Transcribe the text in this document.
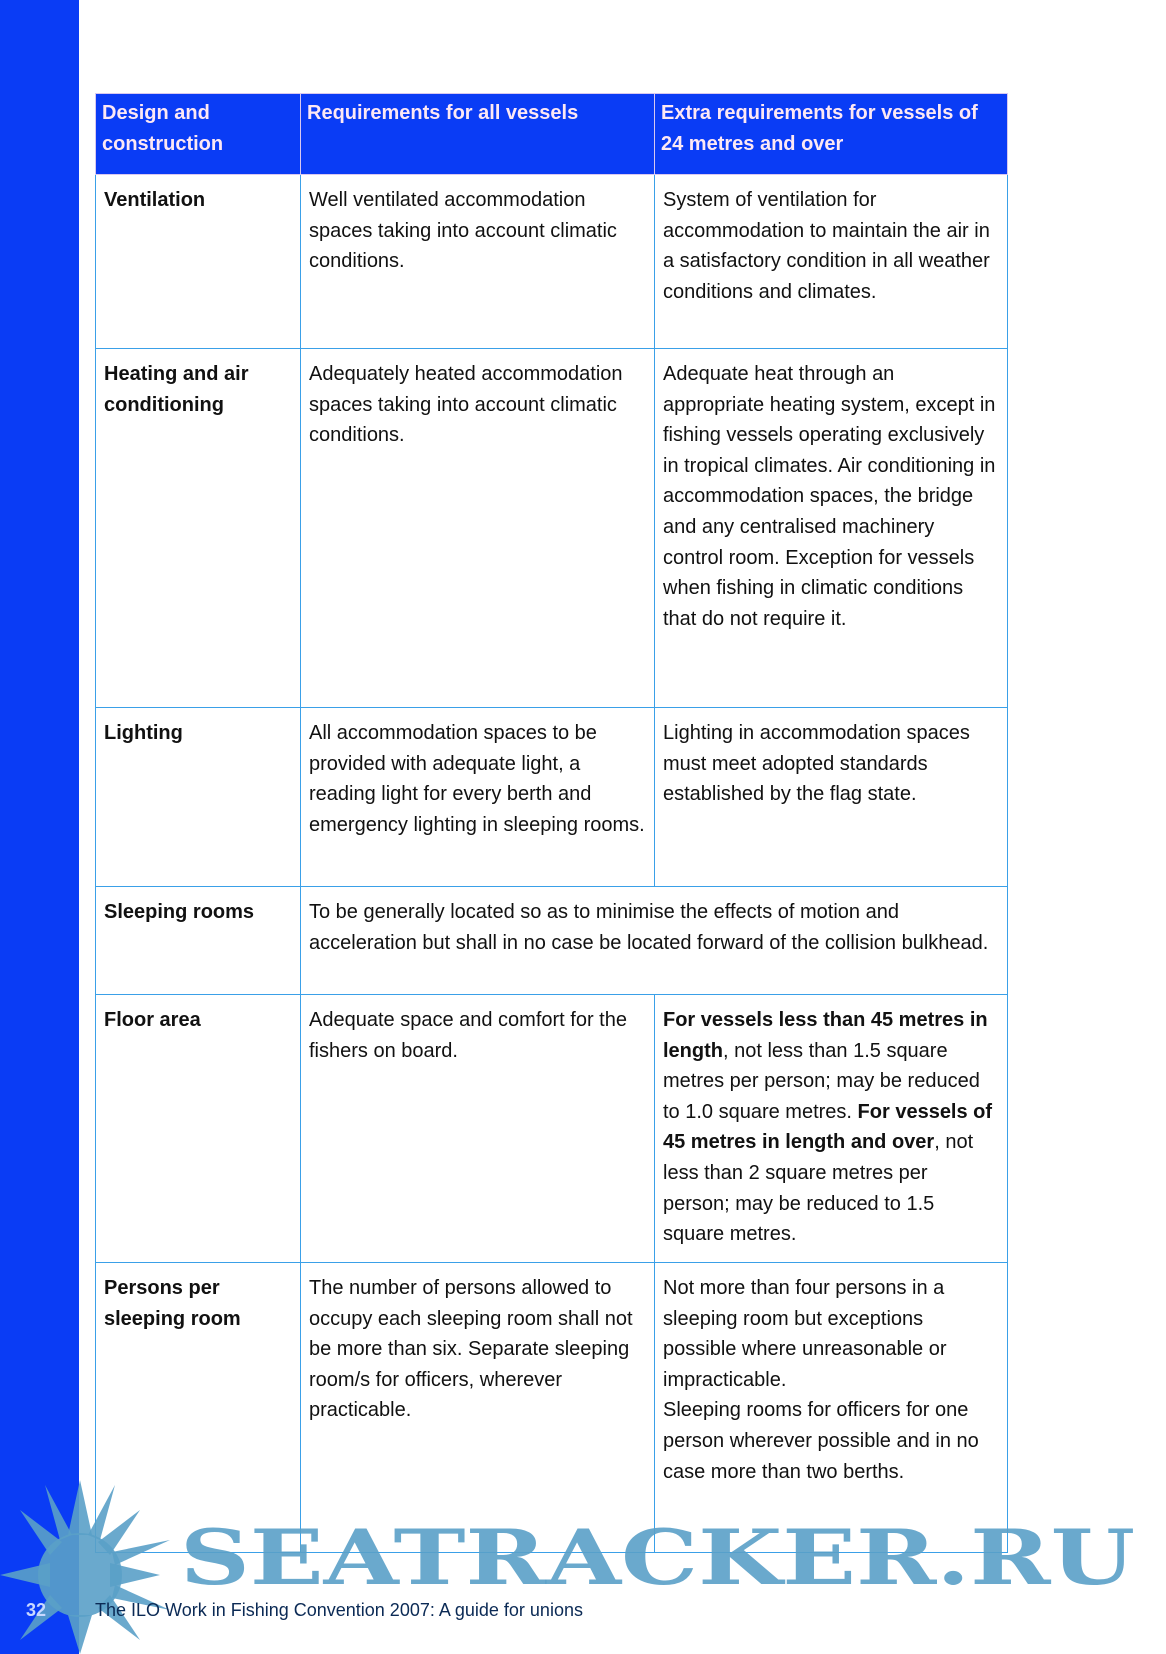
Design and construction	Requirements for all vessels	Extra requirements for vessels of 24 metres and over
Ventilation	Well ventilated accommodation spaces taking into account climatic conditions.	System of ventilation for accommodation to maintain the air in a satisfactory condition in all weather conditions and climates.
Heating and air conditioning	Adequately heated accommodation spaces taking into account climatic conditions.	Adequate heat through an appropriate heating system, except in fishing vessels operating exclusively in tropical climates. Air conditioning in accommodation spaces, the bridge and any centralised machinery control room. Exception for vessels when fishing in climatic conditions that do not require it.
Lighting	All accommodation spaces to be provided with adequate light, a reading light for every berth and emergency lighting in sleeping rooms.	Lighting in accommodation spaces must meet adopted standards established by the flag state.
Sleeping rooms	To be generally located so as to minimise the effects of motion and acceleration but shall in no case be located forward of the collision bulkhead.	
Floor area	Adequate space and comfort for the fishers on board.	For vessels less than 45 metres in length, not less than 1.5 square metres per person; may be reduced to 1.0 square metres. For vessels of 45 metres in length and over, not less than 2 square metres per person; may be reduced to 1.5 square metres.
Persons per sleeping room	The number of persons allowed to occupy each sleeping room shall not be more than six. Separate sleeping room/s for officers, wherever practicable.	Not more than four persons in a sleeping room but exceptions possible where unreasonable or impracticable.
Sleeping rooms for officers for one person wherever possible and in no case more than two berths.
SEATRACKER.RU
32	The ILO Work in Fishing Convention 2007: A guide for unions
